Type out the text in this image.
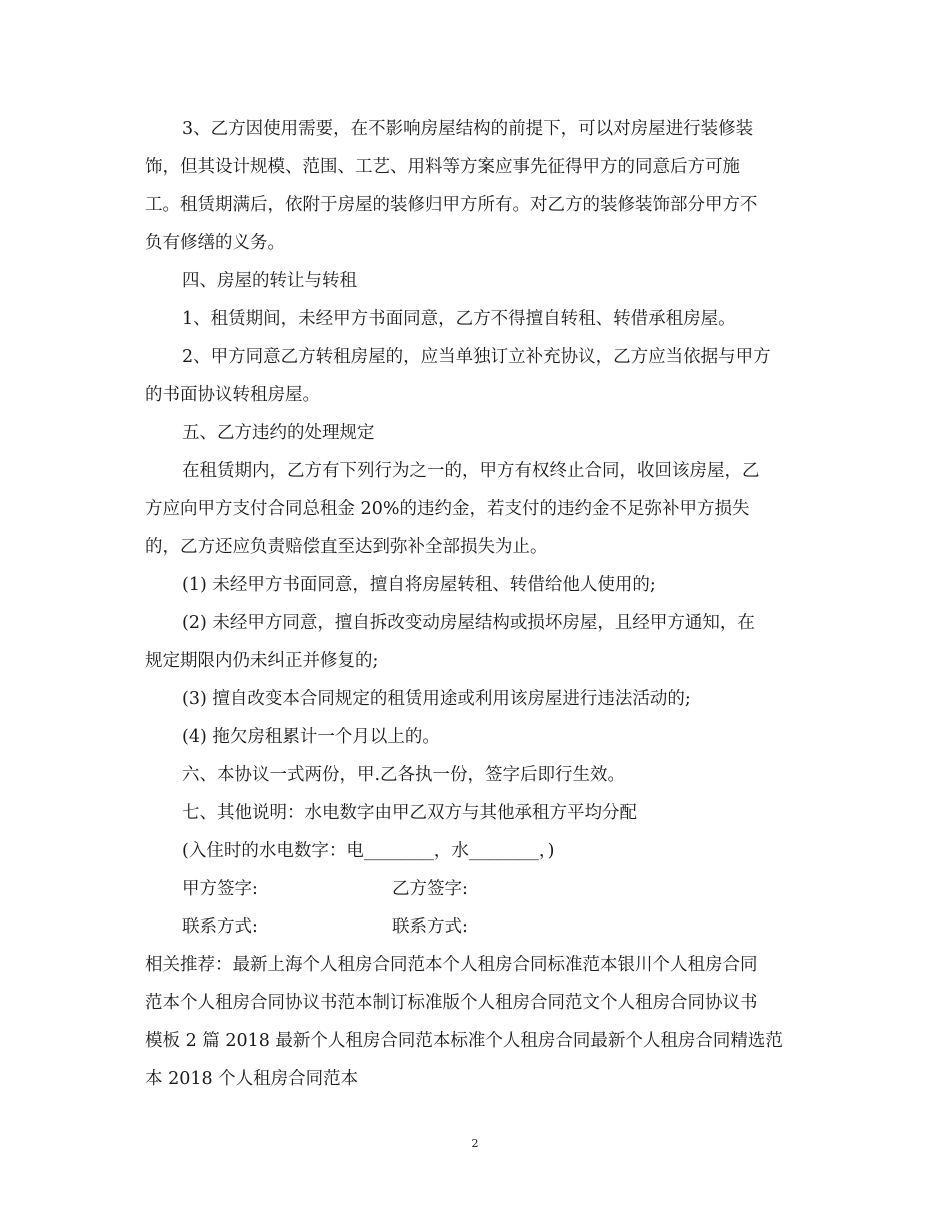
3、乙方因使用需要，在不影响房屋结构的前提下，可以对房屋进行装修装
饰，但其设计规模、范围、工艺、用料等方案应事先征得甲方的同意后方可施
工。租赁期满后，依附于房屋的装修归甲方所有。对乙方的装修装饰部分甲方不
负有修缮的义务。
四、房屋的转让与转租
1、租赁期间，未经甲方书面同意，乙方不得擅自转租、转借承租房屋。
2、甲方同意乙方转租房屋的，应当单独订立补充协议，乙方应当依据与甲方
的书面协议转租房屋。
五、乙方违约的处理规定
在租赁期内，乙方有下列行为之一的，甲方有权终止合同，收回该房屋，乙
方应向甲方支付合同总租金 20%的违约金，若支付的违约金不足弥补甲方损失
的，乙方还应负责赔偿直至达到弥补全部损失为止。
(1) 未经甲方书面同意，擅自将房屋转租、转借给他人使用的;
(2) 未经甲方同意，擅自拆改变动房屋结构或损坏房屋，且经甲方通知，在
规定期限内仍未纠正并修复的;
(3) 擅自改变本合同规定的租赁用途或利用该房屋进行违法活动的;
(4) 拖欠房租累计一个月以上的。
六、本协议一式两份，甲.乙各执一份，签字后即行生效。
七、其他说明：水电数字由甲乙双方与其他承租方平均分配
(入住时的水电数字：电________，水________，)
甲方签字:	乙方签字:
联系方式:	联系方式:
相关推荐：最新上海个人租房合同范本个人租房合同标准范本银川个人租房合同
范本个人租房合同协议书范本制订标准版个人租房合同范文个人租房合同协议书
模板 2 篇 2018 最新个人租房合同范本标准个人租房合同最新个人租房合同精选范
本 2018 个人租房合同范本
2
